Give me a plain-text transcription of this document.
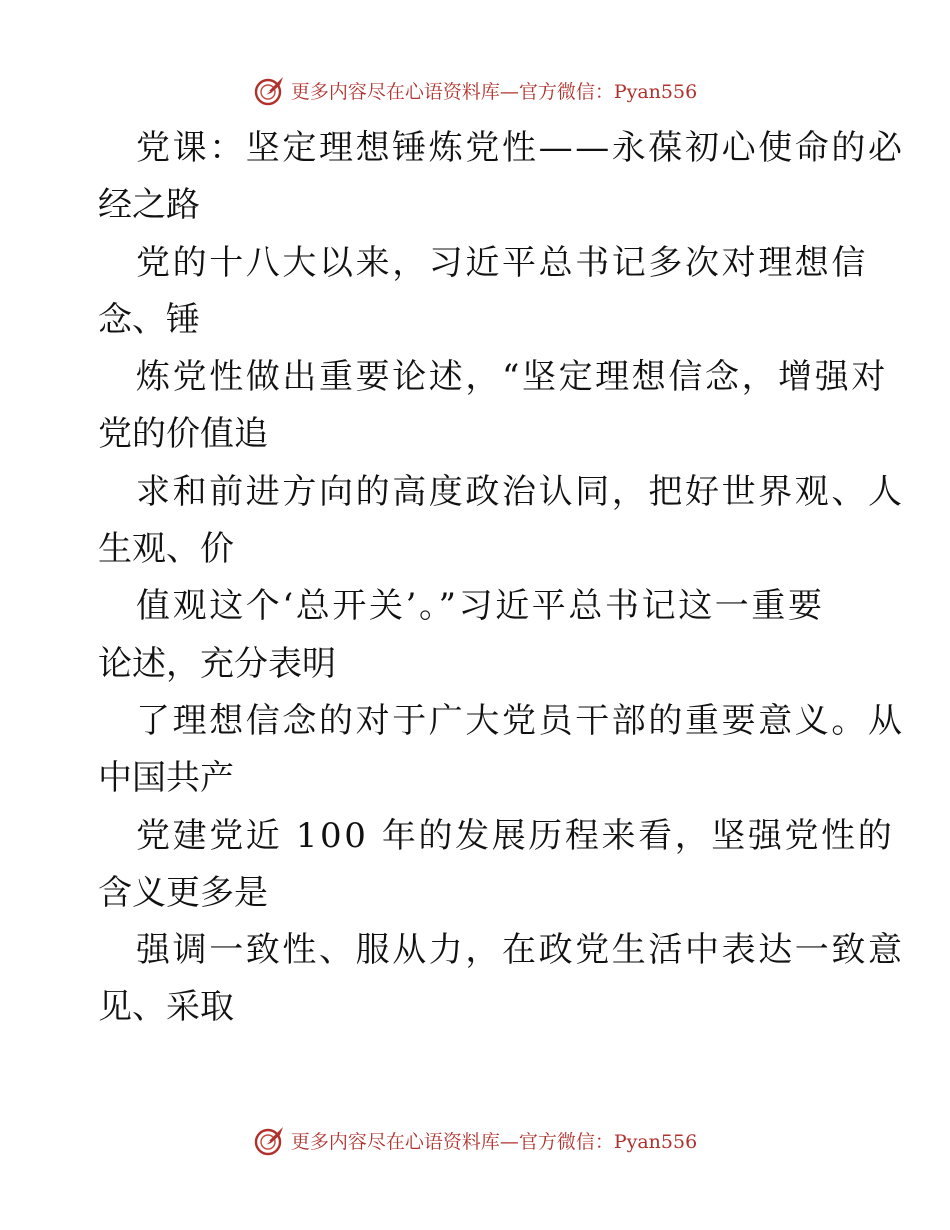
更多内容尽在心语资料库—官方微信：Pyan556
党课：坚定理想锤炼党性——永葆初心使命的必
经之路
党的十八大以来，习近平总书记多次对理想信
念、锤
炼党性做出重要论述，“坚定理想信念，增强对
党的价值追
求和前进方向的高度政治认同，把好世界观、人
生观、价
值观这个‘总开关’。”习近平总书记这一重要
论述，充分表明
了理想信念的对于广大党员干部的重要意义。从
中国共产
党建党近 100 年的发展历程来看，坚强党性的
含义更多是
强调一致性、服从力，在政党生活中表达一致意
见、采取
更多内容尽在心语资料库—官方微信：Pyan556
